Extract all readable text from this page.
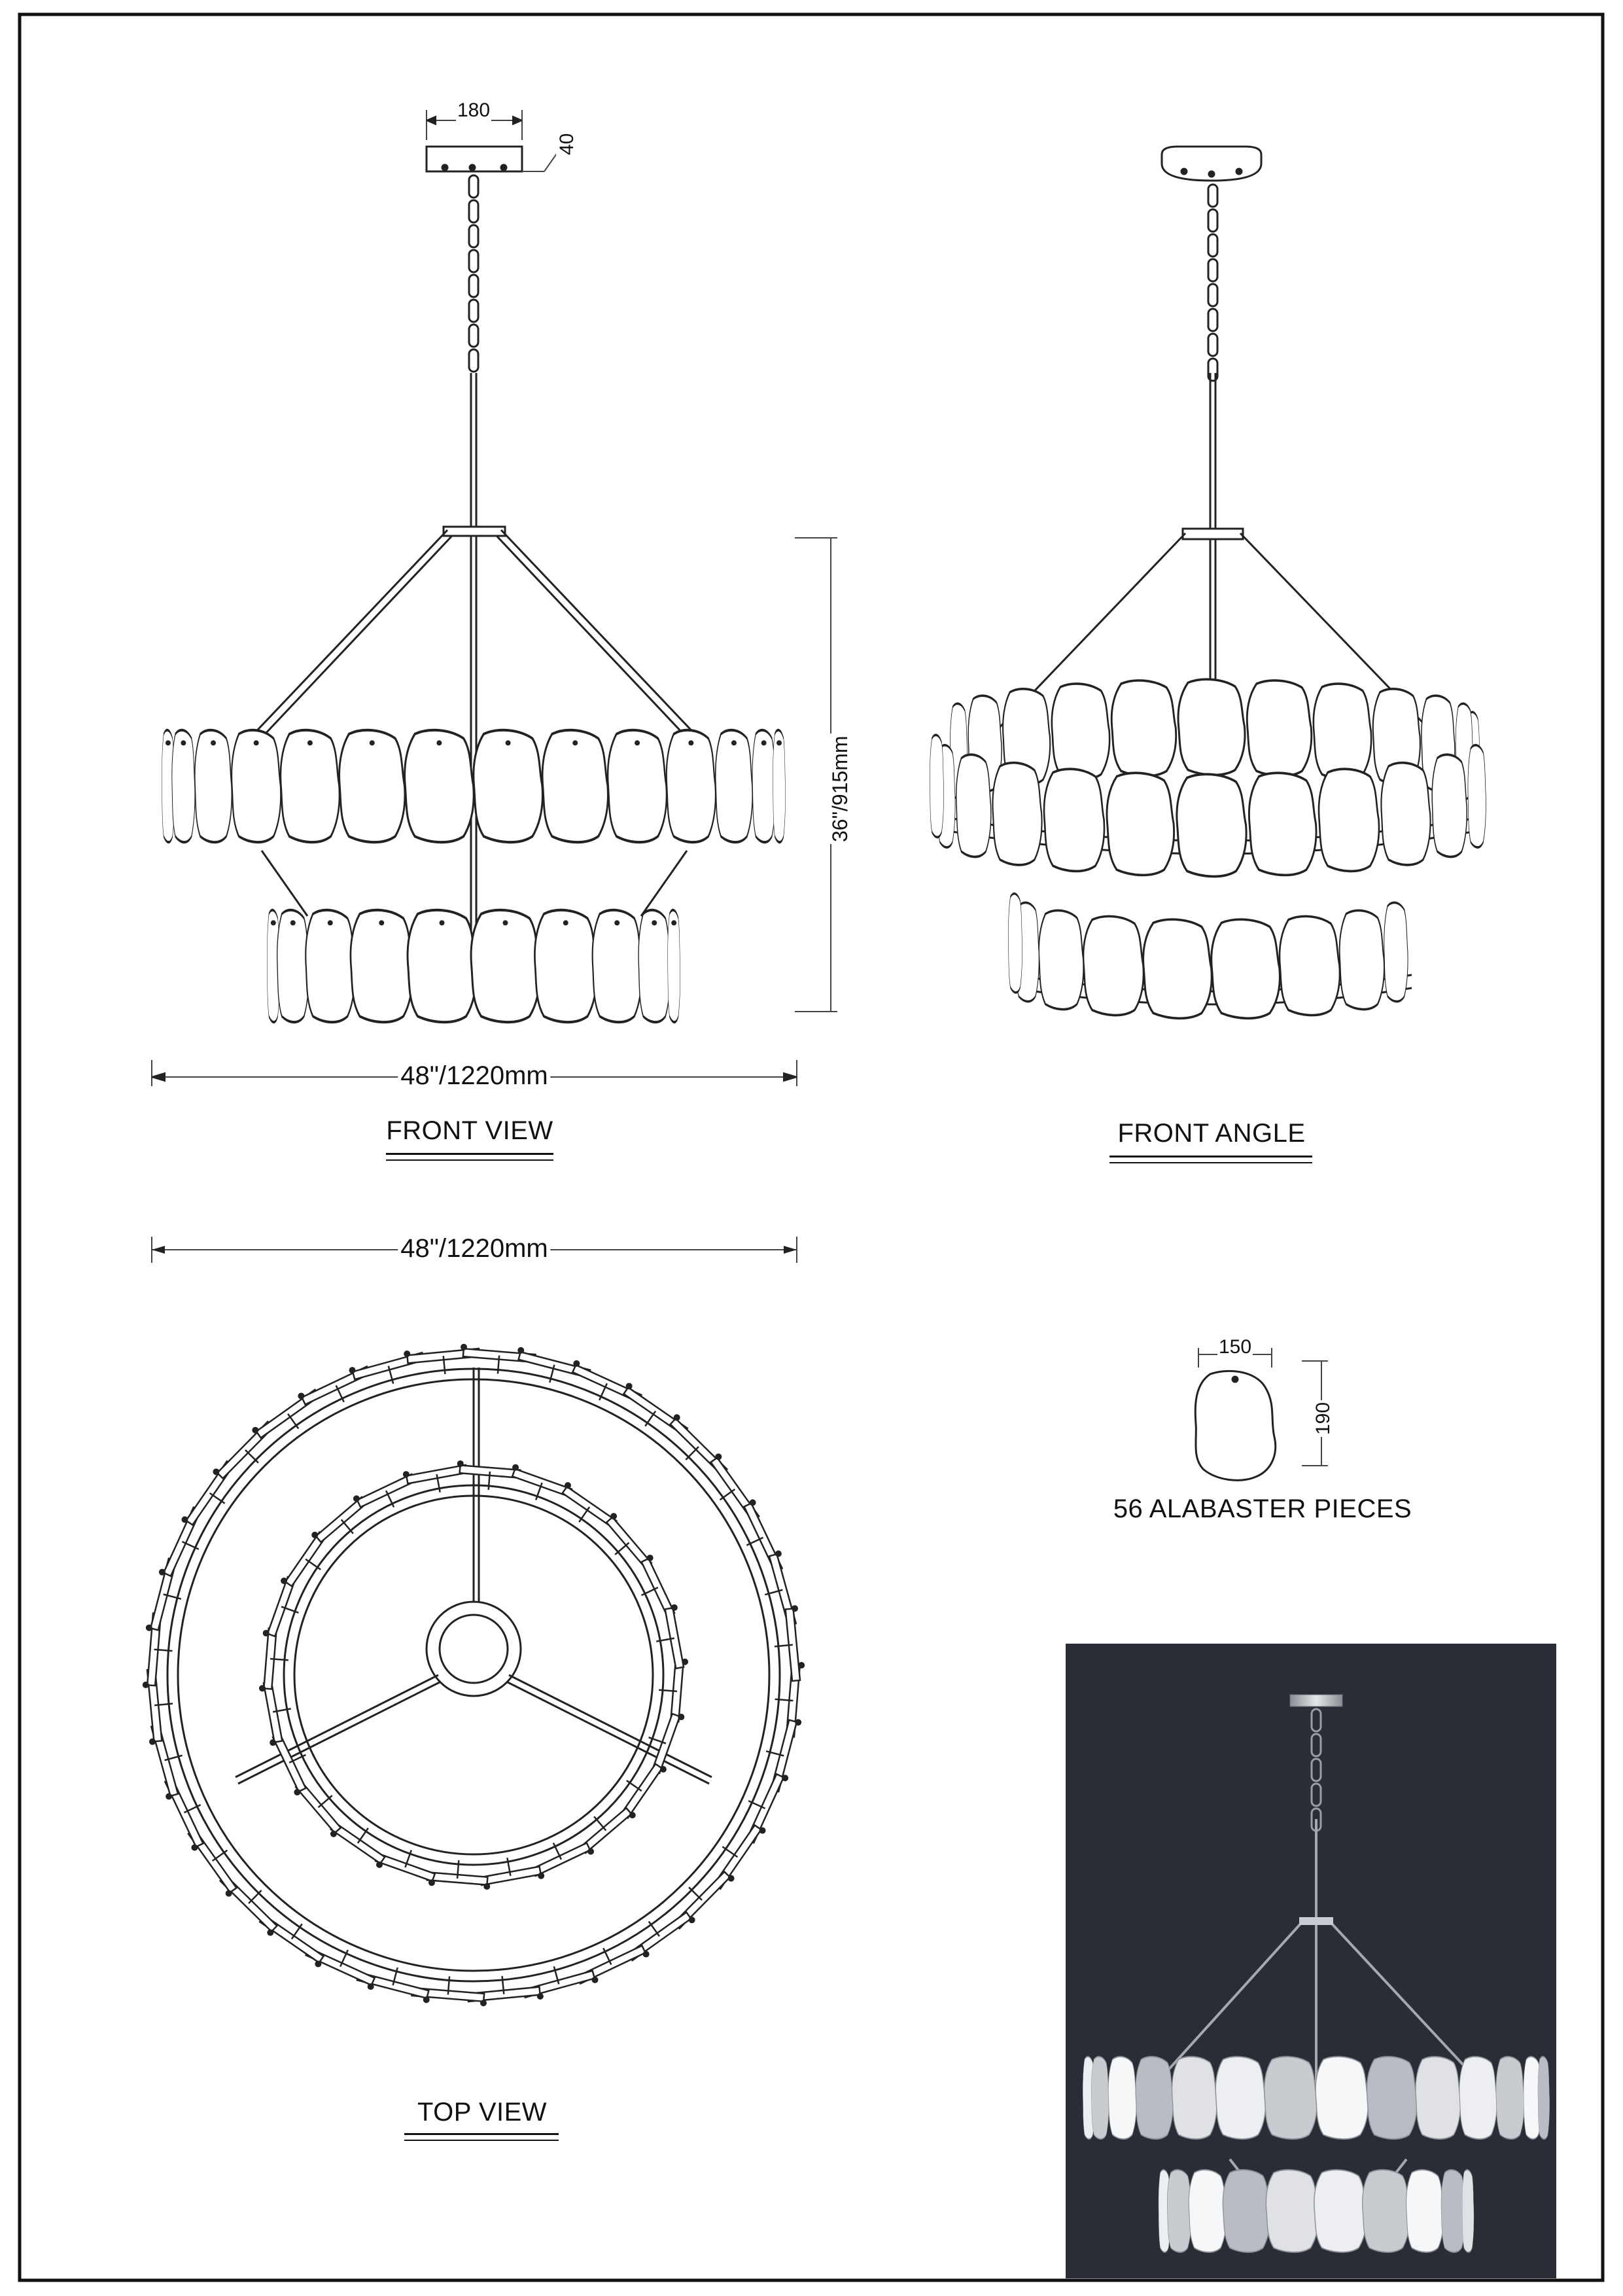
180
40
36"/915mm
48"/1220mm
FRONT VIEW	FRONT ANGLE
48"/1220mm
150
190
56 ALABASTER PIECES
TOP VIEW
